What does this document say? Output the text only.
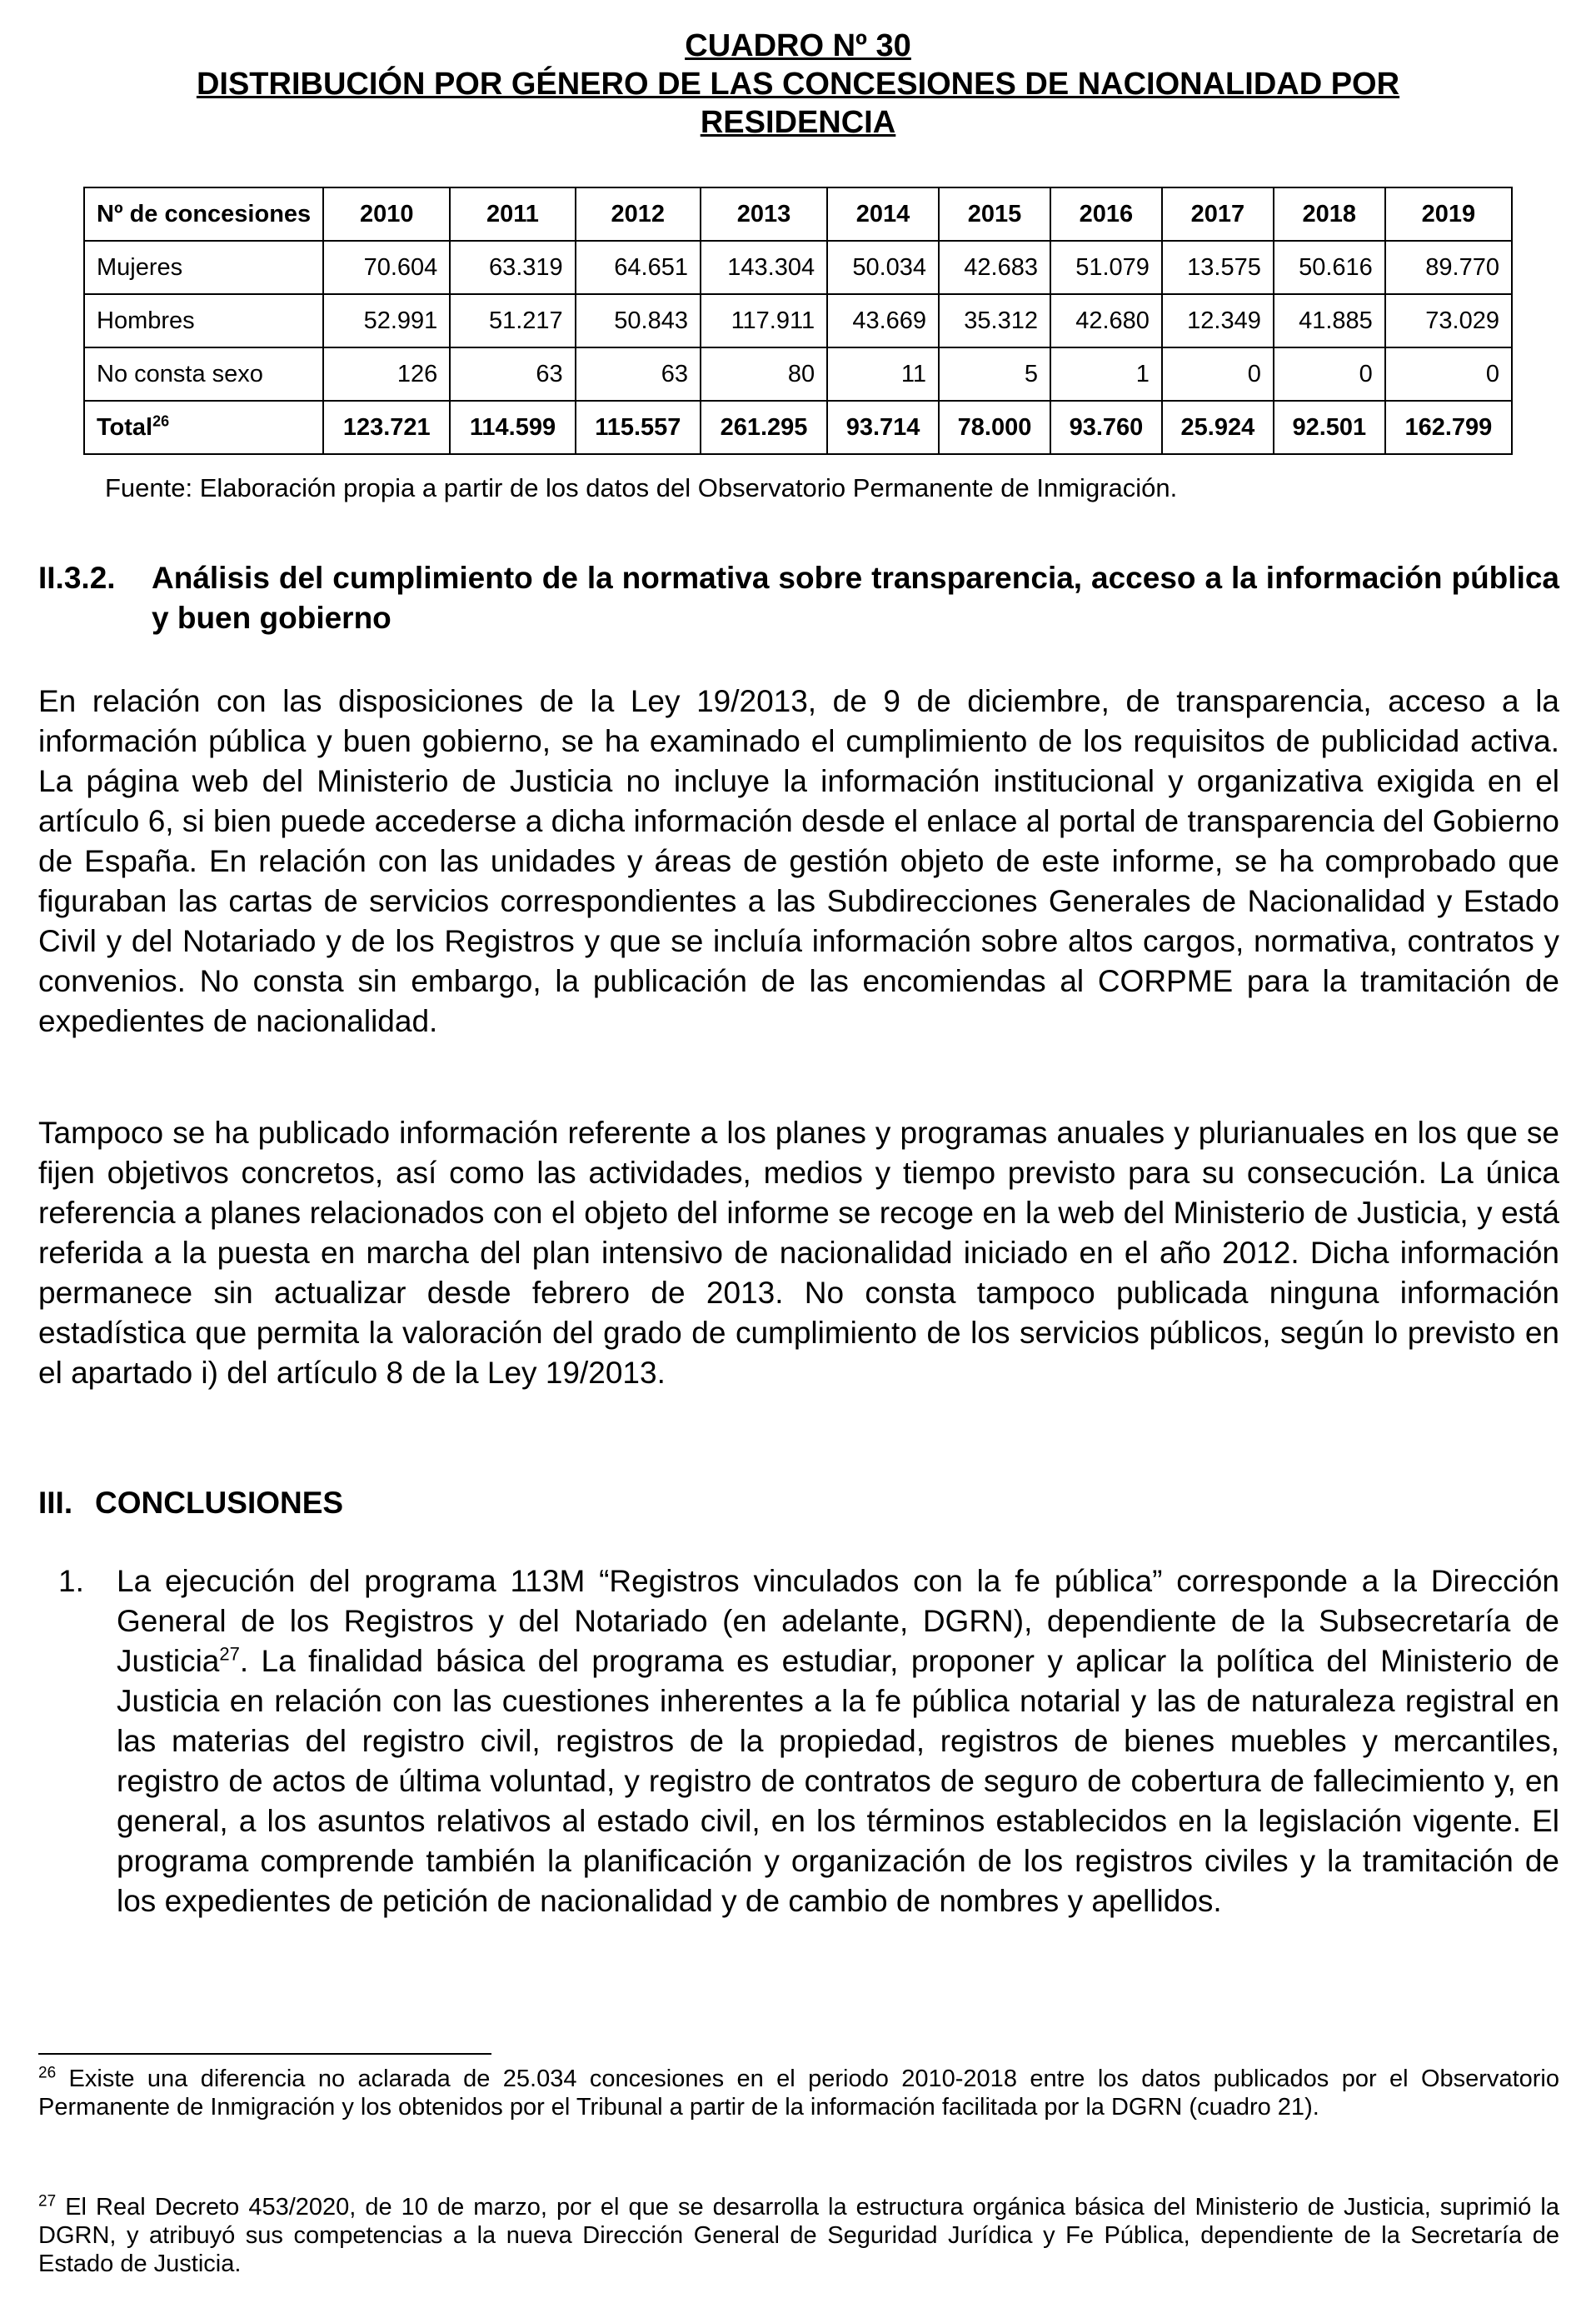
CUADRO Nº 30
DISTRIBUCIÓN POR GÉNERO DE LAS CONCESIONES DE NACIONALIDAD POR
RESIDENCIA
Nº de concesiones	2010	2011	2012	2013	2014	2015	2016	2017	2018	2019
Mujeres	70.604	63.319	64.651	143.304	50.034	42.683	51.079	13.575	50.616	89.770
Hombres	52.991	51.217	50.843	117.911	43.669	35.312	42.680	12.349	41.885	73.029
No consta sexo	126	63	63	80	11	5	1	0	0	0
Total$^{26}$	123.721	114.599	115.557	261.295	93.714	78.000	93.760	25.924	92.501	162.799
Fuente: Elaboración propia a partir de los datos del Observatorio Permanente de Inmigración.
II.3.2. Análisis del cumplimiento de la normativa sobre transparencia, acceso a la información pública y buen gobierno

En relación con las disposiciones de la Ley 19/2013, de 9 de diciembre, de transparencia, acceso a la información pública y buen gobierno, se ha examinado el cumplimiento de los requisitos de publicidad activa. La página web del Ministerio de Justicia no incluye la información institucional y organizativa exigida en el artículo 6, si bien puede accederse a dicha información desde el enlace al portal de transparencia del Gobierno de España. En relación con las unidades y áreas de gestión objeto de este informe, se ha comprobado que figuraban las cartas de servicios correspondientes a las Subdirecciones Generales de Nacionalidad y Estado Civil y del Notariado y de los Registros y que se incluía información sobre altos cargos, normativa, contratos y convenios. No consta sin embargo, la publicación de las encomiendas al CORPME para la tramitación de expedientes de nacionalidad.

Tampoco se ha publicado información referente a los planes y programas anuales y plurianuales en los que se fijen objetivos concretos, así como las actividades, medios y tiempo previsto para su consecución. La única referencia a planes relacionados con el objeto del informe se recoge en la web del Ministerio de Justicia, y está referida a la puesta en marcha del plan intensivo de nacionalidad iniciado en el año 2012. Dicha información permanece sin actualizar desde febrero de 2013. No consta tampoco publicada ninguna información estadística que permita la valoración del grado de cumplimiento de los servicios públicos, según lo previsto en el apartado i) del artículo 8 de la Ley 19/2013.

III. CONCLUSIONES
1. La ejecución del programa 113M “Registros vinculados con la fe pública” corresponde a la Dirección General de los Registros y del Notariado (en adelante, DGRN), dependiente de la Subsecretaría de Justicia$^{27}$. La finalidad básica del programa es estudiar, proponer y aplicar la política del Ministerio de Justicia en relación con las cuestiones inherentes a la fe pública notarial y las de naturaleza registral en las materias del registro civil, registros de la propiedad, registros de bienes muebles y mercantiles, registro de actos de última voluntad, y registro de contratos de seguro de cobertura de fallecimiento y, en general, a los asuntos relativos al estado civil, en los términos establecidos en la legislación vigente. El programa comprende también la planificación y organización de los registros civiles y la tramitación de los expedientes de petición de nacionalidad y de cambio de nombres y apellidos.
$^{26}$ Existe una diferencia no aclarada de 25.034 concesiones en el periodo 2010-2018 entre los datos publicados por el Observatorio Permanente de Inmigración y los obtenidos por el Tribunal a partir de la información facilitada por la DGRN (cuadro 21).
$^{27}$ El Real Decreto 453/2020, de 10 de marzo, por el que se desarrolla la estructura orgánica básica del Ministerio de Justicia, suprimió la DGRN, y atribuyó sus competencias a la nueva Dirección General de Seguridad Jurídica y Fe Pública, dependiente de la Secretaría de Estado de Justicia.
